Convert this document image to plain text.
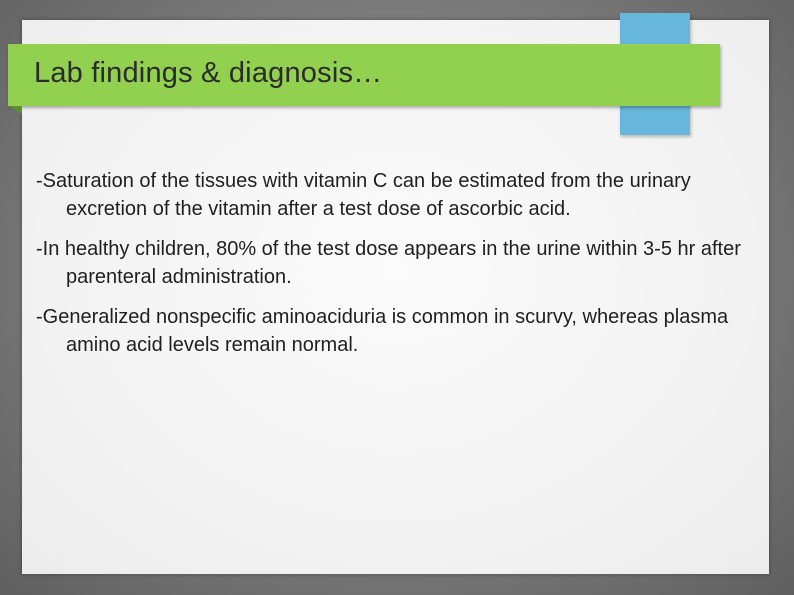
Lab findings & diagnosis…
-Saturation of the tissues with vitamin C can be estimated from the urinary excretion of the vitamin after a test dose of ascorbic acid.
-In healthy children, 80% of the test dose appears in the urine within 3-5 hr after parenteral administration.
-Generalized nonspecific aminoaciduria is common in scurvy, whereas plasma amino acid levels remain normal.
